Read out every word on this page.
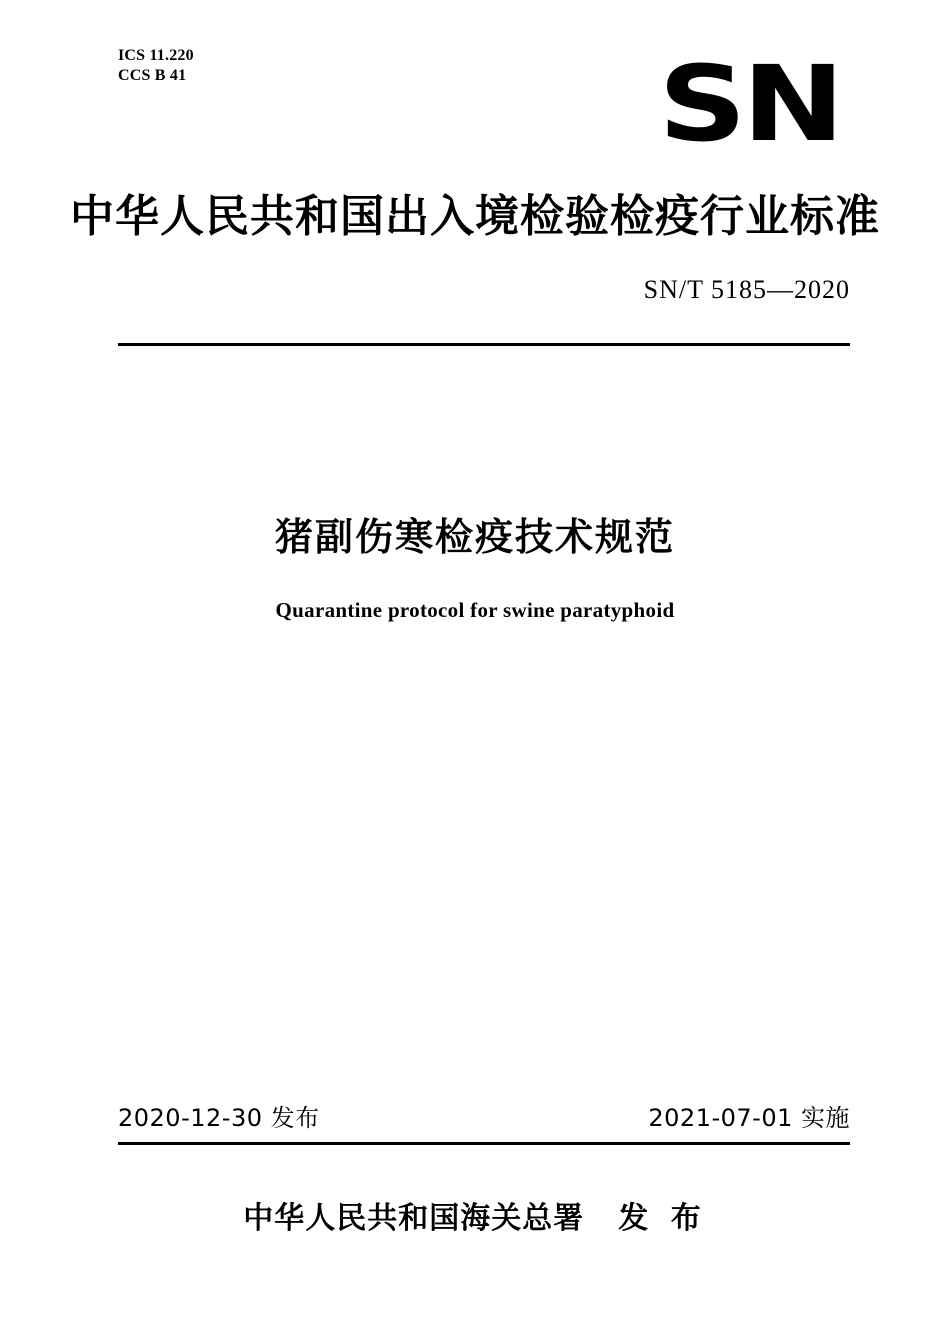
ICS 11.220
CCS B 41	SN
中华人民共和国出入境检验检疫行业标准
SN/T 5185—2020
猪副伤寒检疫技术规范
Quarantine protocol for swine paratyphoid
2020-12-30 发布	2021-07-01 实施
中华人民共和国海关总署 发 布
